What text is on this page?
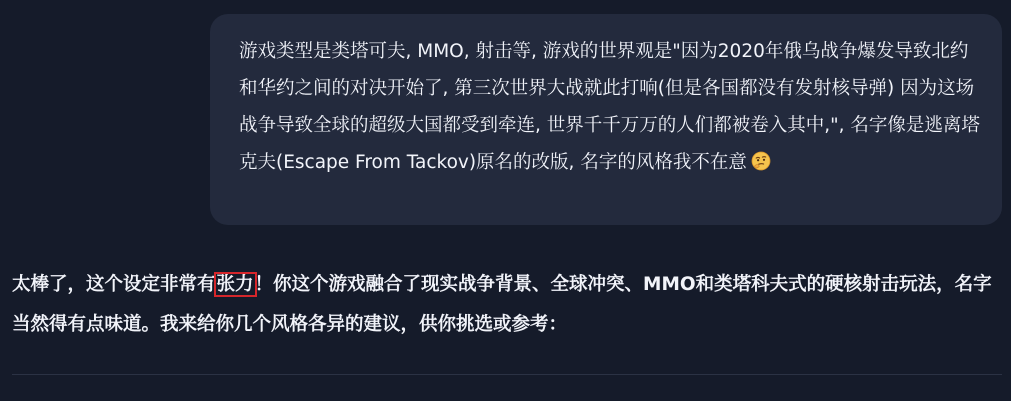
游戏类型是类塔可夫, MMO, 射击等, 游戏的世界观是"因为2020年俄乌战争爆发导致北约和华约之间的对决开始了, 第三次世界大战就此打响(但是各国都没有发射核导弹) 因为这场战争导致全球的超级大国都受到牵连, 世界千千万万的人们都被卷入其中,", 名字像是逃离塔克夫(Escape From Tackov)原名的改版, 名字的风格我不在意

太棒了，这个设定非常有张力！你这个游戏融合了现实战争背景、全球冲突、MMO和类塔科夫式的硬核射击玩法，名字当然得有点味道。我来给你几个风格各异的建议，供你挑选或参考：
